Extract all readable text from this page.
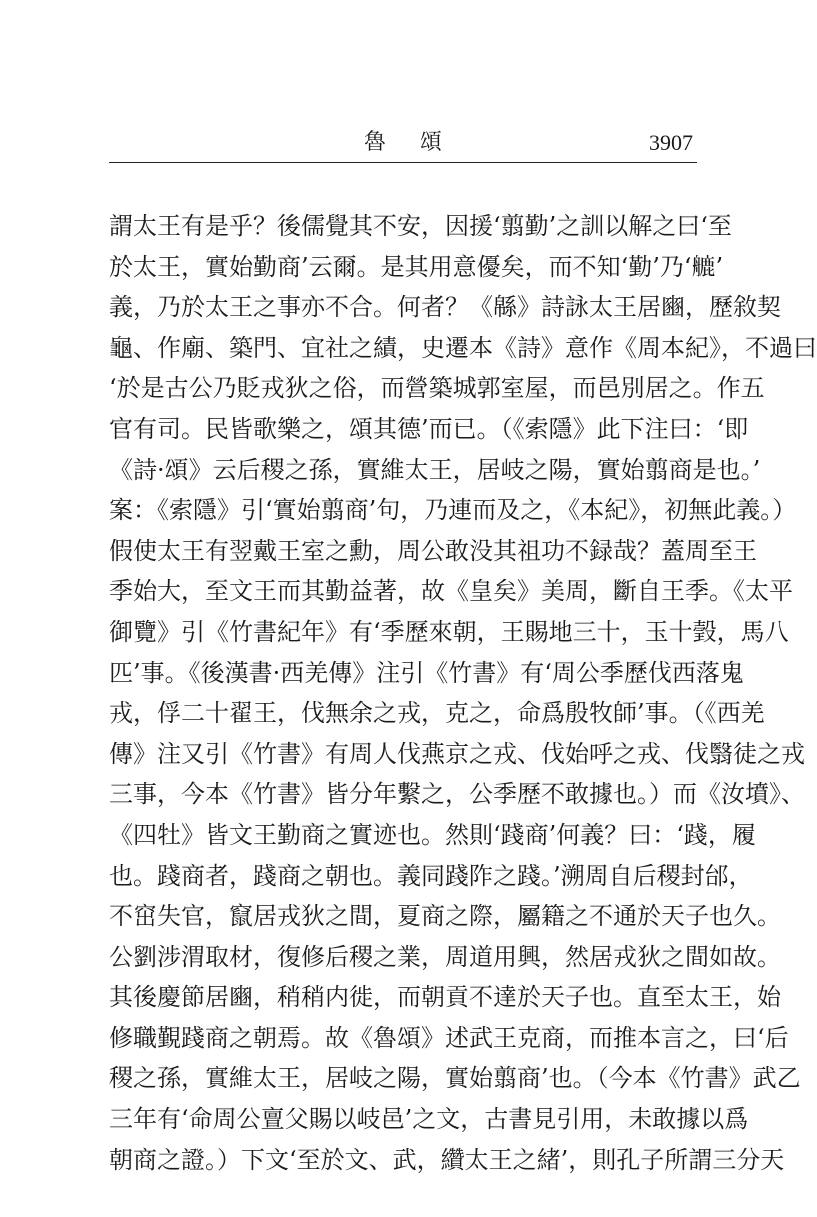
魯頌	3907
謂太王有是乎？後儒覺其不安，因援‘翦勤’之訓以解之曰‘至
於太王，實始勤商’云爾。是其用意優矣，而不知‘勤’乃‘𦪇’
義，乃於太王之事亦不合。何者？《緜》詩詠太王居豳，歷敘契
龜、作廟、築門、宜社之績，史遷本《詩》意作《周本紀》，不過曰
‘於是古公乃貶戎狄之俗，而營築城郭室屋，而邑別居之。作五
官有司。民皆歌樂之，頌其德’而已。（《索隱》此下注曰：‘即
《詩·頌》云后稷之孫，實維太王，居岐之陽，實始翦商是也。’
案：《索隱》引‘實始翦商’句，乃連而及之，《本紀》，初無此義。）
假使太王有翌戴王室之勳，周公敢没其祖功不録哉？蓋周至王
季始大，至文王而其勤益著，故《皇矣》美周，斷自王季。《太平
御覽》引《竹書紀年》有‘季歷來朝，王賜地三十，玉十瑴，馬八
匹’事。《後漢書·西羌傳》注引《竹書》有‘周公季歷伐西落鬼
戎，俘二十翟王，伐無余之戎，克之，命爲殷牧師’事。（《西羌
傳》注又引《竹書》有周人伐燕京之戎、伐始呼之戎、伐翳徒之戎
三事，今本《竹書》皆分年繫之，公季歷不敢據也。）而《汝墳》、
《四牡》皆文王勤商之實迹也。然則‘踐商’何義？曰：‘踐，履
也。踐商者，踐商之朝也。義同踐阼之踐。’溯周自后稷封邰，
不窋失官，竄居戎狄之間，夏商之際，屬籍之不通於天子也久。
公劉涉渭取材，復修后稷之業，周道用興，然居戎狄之間如故。
其後慶節居豳，稍稍内徙，而朝貢不達於天子也。直至太王，始
修職覲踐商之朝焉。故《魯頌》述武王克商，而推本言之，曰‘后
稷之孫，實維太王，居岐之陽，實始翦商’也。（今本《竹書》武乙
三年有‘命周公亶父賜以岐邑’之文，古書見引用，未敢據以爲
朝商之證。）下文‘至於文、武，纘太王之緒’，則孔子所謂三分天
